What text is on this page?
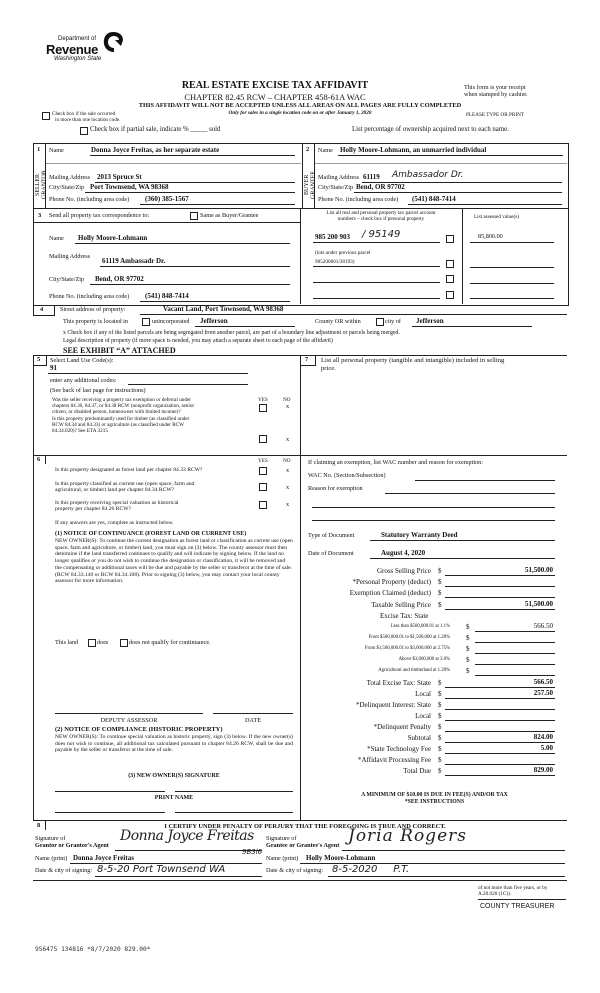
Department of
Revenue
Washington State
REAL ESTATE EXCISE TAX AFFIDAVIT
CHAPTER 82.45 RCW – CHAPTER 458-61A WAC
This form is your receipt
when stamped by cashier.
THIS AFFIDAVIT WILL NOT BE ACCEPTED UNLESS ALL AREAS ON ALL PAGES ARE FULLY COMPLETED
Only for sales in a single location code on or after January 1, 2020
Check box if the sale occurred
in more than one location code.
PLEASE TYPE OR PRINT
Check box if partial sale, indicate % _____ sold	List percentage of ownership acquired next to each name.
1
SELLER
GRANTOR
Name	Donna Joyce Freitas, as her separate estate
Mailing Address 2013 Spruce St
City/State/Zip Port Townsend, WA 98368
Phone No. (including area code) (360) 385-1567
2
BUYER
GRANTEE
Name Holly Moore-Lohmann, an unmarried individual
Mailing Address 61119 Ambassador Dr.
City/State/Zip Bend, OR 97702
Phone No. (including area code) (541) 848-7414
3 Send all property tax correspondence to:	Same as Buyer/Grantee
Name Holly Moore-Lohmann
Mailing Address
61119 Ambassadr Dr.
City/State/Zip Bend, OR 97702
Phone No. (including area code) (541) 848-7414
List all real and personal property tax parcel account
numbers – check box if personal property	List assessed value(s)
985 200 903 / 95149	85,800.00
(lots under previous parcel
985200601/38193)
4	Street address of property:	Vacant Land, Port Townsend, WA 98368
This property is located in	unincorporated Jefferson	County OR within	city of Jefferson
x Check box if any of the listed parcels are being segregated from another parcel, are part of a boundary line adjustment or parcels being merged.
Legal description of property (if more space is needed, you may attach a separate sheet to each page of the affidavit)
SEE EXHIBIT “A” ATTACHED
5 Select Land Use Code(s):
91
enter any additional codes:
(See back of last page for instructions)
YES	NO
Was the seller receiving a property tax exemption or deferral under
chapters 84.36, 84.37, or 84.38 RCW (nonprofit organization, senior
citizen, or disabled person, homeowner with limited income)?
x
Is this property predominantly used for timber (as classified under
RCW 84.34 and 84.33) or agriculture (as classified under RCW
84.34.020)? See ETA 3215
x
7 List all personal property (tangible and intangible) included in selling
price.
6	YES	NO
Is this property designated as forest land per chapter 84.33 RCW?	x
Is this property classified as current use (open space, farm and
agricultural, or timber) land per chapter 84.34 RCW?	x
Is this property receiving special valuation as historical
property per chapter 84.26 RCW?
x
If any answers are yes, complete as instructed below.
(1) NOTICE OF CONTINUANCE (FOREST LAND OR CURRENT USE)
NEW OWNER(S): To continue the current designation as forest land or classification as current use (open space, farm and agriculture, or timber) land, you must sign on (3) below. The county assessor must then determine if the land transferred continues to qualify and will indicate by signing below. If the land no longer qualifies or you do not wish to continue the designation or classification, it will be removed and the compensating or additional taxes will be due and payable by the seller or transferor at the time of sale. (RCW 84.33.140 or RCW 84.34.108). Prior to signing (3) below, you may contact your local county assessor for more information.
This land	does	does not qualify for continuance.
DEPUTY ASSESSOR	DATE
(2) NOTICE OF COMPLIANCE (HISTORIC PROPERTY)
NEW OWNER(S): To continue special valuation as historic property, sign (3) below. If the new owner(s) does not wish to continue, all additional tax calculated pursuant to chapter 84.26 RCW, shall be due and payable by the seller or transferor at the time of sale.
(3) NEW OWNER(S) SIGNATURE
PRINT NAME
If claiming an exemption, list WAC number and reason for exemption:
WAC No. (Section/Subsection)
Reason for exemption
Type of Document	Statutory Warranty Deed
Date of Document	August 4, 2020
Gross Selling Price $	51,500.00
*Personal Property (deduct) $
Exemption Claimed (deduct) $
Taxable Selling Price $	51,500.00
Excise Tax: State
Less than $500,000.01 at 1.1% $	566.50
From $500,000.01 to $1,500,000 at 1.28% $
From $1,500,000.01 to $3,000,000 at 2.75% $
Above $3,000,000 at 3.0% $
Agricultural and timberland at 1.28% $
Total Excise Tax: State $	566.50
Local $	257.50
*Delinquent Interest: State $
Local $
*Delinquent Penalty $
Subtotal $	824.00
*State Technology Fee $	5.00
*Affidavit Processing Fee $
Total Due $	829.00
A MINIMUM OF $10.00 IS DUE IN FEE(S) AND/OR TAX
*SEE INSTRUCTIONS
8	I CERTIFY UNDER PENALTY OF PERJURY THAT THE FOREGOING IS TRUE AND CORRECT.
Signature of
Grantor or Grantor's Agent
Donna Joyce Freitas
9B3l6
Name (print) Donna Joyce Freitas
Date & city of signing: 8-5-20 Port Townsend WA
Signature of
Grantee or Grantee's Agent Joria Rogers
Name (print) Holly Moore-Lohmann
Date & city of signing: 8-5-2020     P.T.
of not more than five years, or by
A.20.020 (1C)).
COUNTY TREASURER
956475 134816 *8/7/2020 829.00*
